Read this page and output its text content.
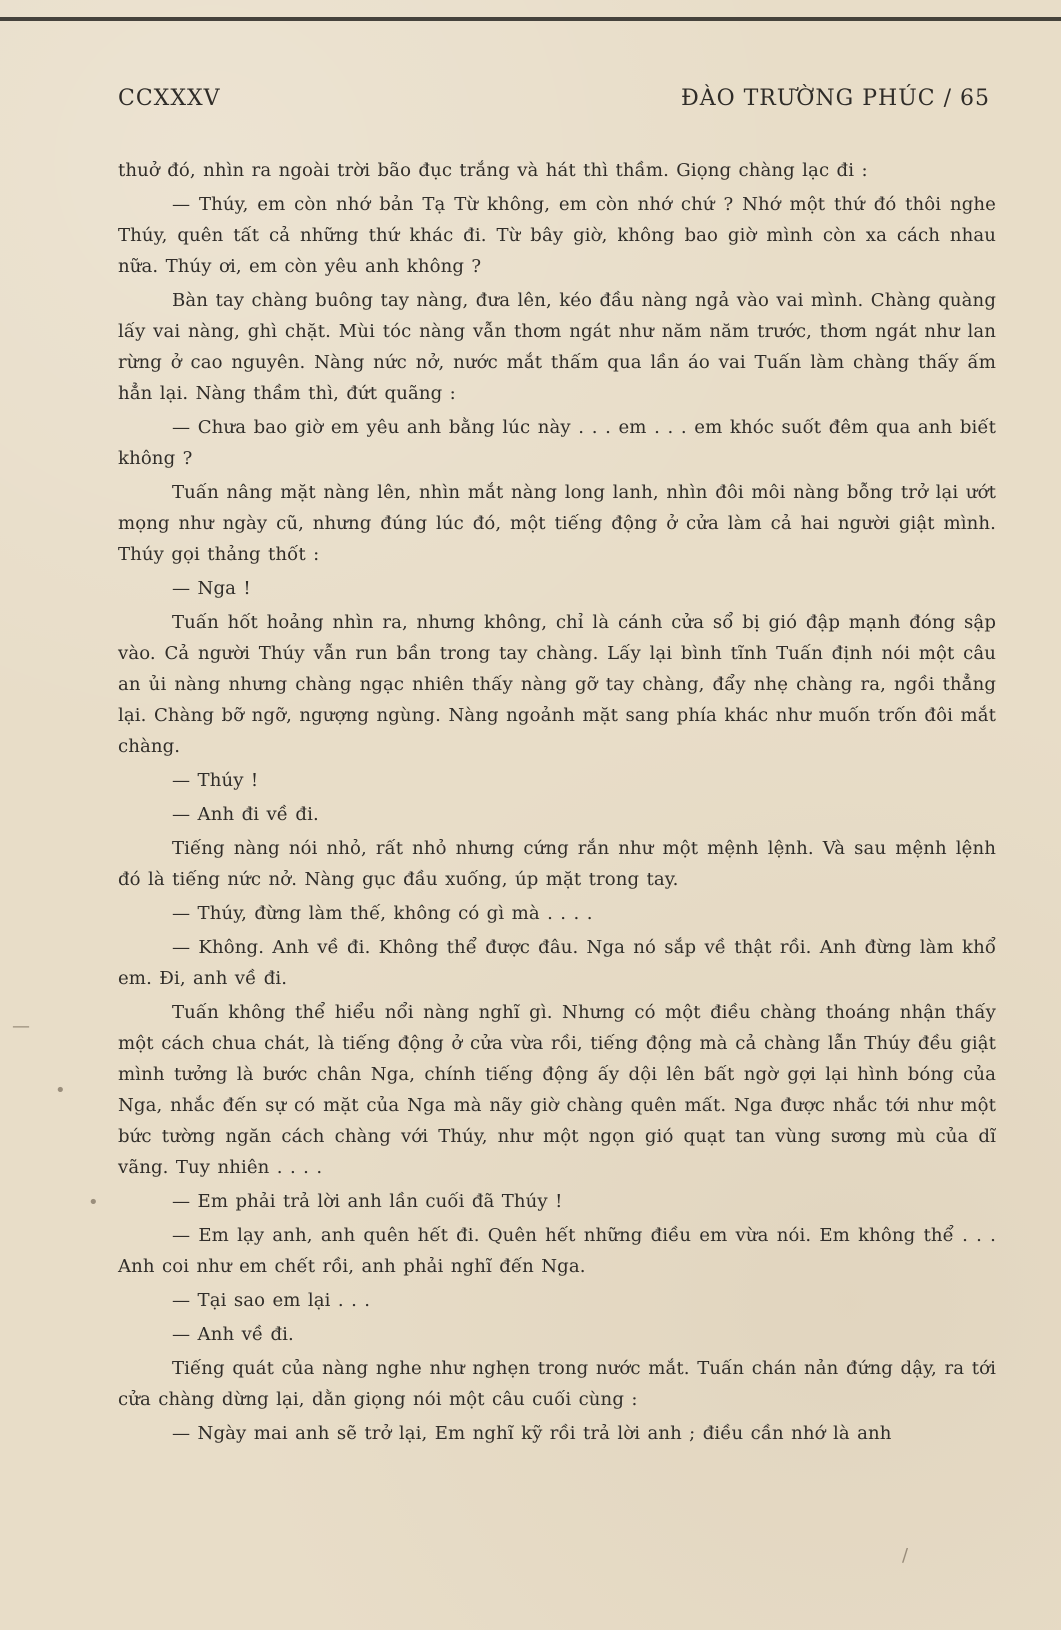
CCXXXV	ĐÀO TRƯỜNG PHÚC / 65

thuở đó, nhìn ra ngoài trời bão đục trắng và hát thì thầm. Giọng chàng lạc đi :

— Thúy, em còn nhớ bản Tạ Từ không, em còn nhớ chứ ? Nhớ một thứ đó thôi nghe Thúy, quên tất cả những thứ khác đi. Từ bây giờ, không bao giờ mình còn xa cách nhau nữa. Thúy ơi, em còn yêu anh không ?

Bàn tay chàng buông tay nàng, đưa lên, kéo đầu nàng ngả vào vai mình. Chàng quàng lấy vai nàng, ghì chặt. Mùi tóc nàng vẫn thơm ngát như năm năm trước, thơm ngát như lan rừng ở cao nguyên. Nàng nức nở, nước mắt thấm qua lần áo vai Tuấn làm chàng thấy ấm hẳn lại. Nàng thầm thì, đứt quãng :

— Chưa bao giờ em yêu anh bằng lúc này . . . em . . . em khóc suốt đêm qua anh biết không ?

Tuấn nâng mặt nàng lên, nhìn mắt nàng long lanh, nhìn đôi môi nàng bỗng trở lại ướt mọng như ngày cũ, nhưng đúng lúc đó, một tiếng động ở cửa làm cả hai người giật mình. Thúy gọi thảng thốt :

— Nga !

Tuấn hốt hoảng nhìn ra, nhưng không, chỉ là cánh cửa sổ bị gió đập mạnh đóng sập vào. Cả người Thúy vẫn run bần trong tay chàng. Lấy lại bình tĩnh Tuấn định nói một câu an ủi nàng nhưng chàng ngạc nhiên thấy nàng gỡ tay chàng, đẩy nhẹ chàng ra, ngồi thẳng lại. Chàng bỡ ngỡ, ngượng ngùng. Nàng ngoảnh mặt sang phía khác như muốn trốn đôi mắt chàng.

— Thúy !

— Anh đi về đi.

Tiếng nàng nói nhỏ, rất nhỏ nhưng cứng rắn như một mệnh lệnh. Và sau mệnh lệnh đó là tiếng nức nở. Nàng gục đầu xuống, úp mặt trong tay.

— Thúy, đừng làm thế, không có gì mà . . . .

— Không. Anh về đi. Không thể được đâu. Nga nó sắp về thật rồi. Anh đừng làm khổ em. Đi, anh về đi.

Tuấn không thể hiểu nổi nàng nghĩ gì. Nhưng có một điều chàng thoáng nhận thấy một cách chua chát, là tiếng động ở cửa vừa rồi, tiếng động mà cả chàng lẫn Thúy đều giật mình tưởng là bước chân Nga, chính tiếng động ấy dội lên bất ngờ gợi lại hình bóng của Nga, nhắc đến sự có mặt của Nga mà nãy giờ chàng quên mất. Nga được nhắc tới như một bức tường ngăn cách chàng với Thúy, như một ngọn gió quạt tan vùng sương mù của dĩ vãng. Tuy nhiên . . . .

— Em phải trả lời anh lần cuối đã Thúy !

— Em lạy anh, anh quên hết đi. Quên hết những điều em vừa nói. Em không thể . . . Anh coi như em chết rồi, anh phải nghĩ đến Nga.

— Tại sao em lại . . .

— Anh về đi.

Tiếng quát của nàng nghe như nghẹn trong nước mắt. Tuấn chán nản đứng dậy, ra tới cửa chàng dừng lại, dằn giọng nói một câu cuối cùng :

— Ngày mai anh sẽ trở lại, Em nghĩ kỹ rồi trả lời anh ; điều cần nhớ là anh

—
•
•
/
